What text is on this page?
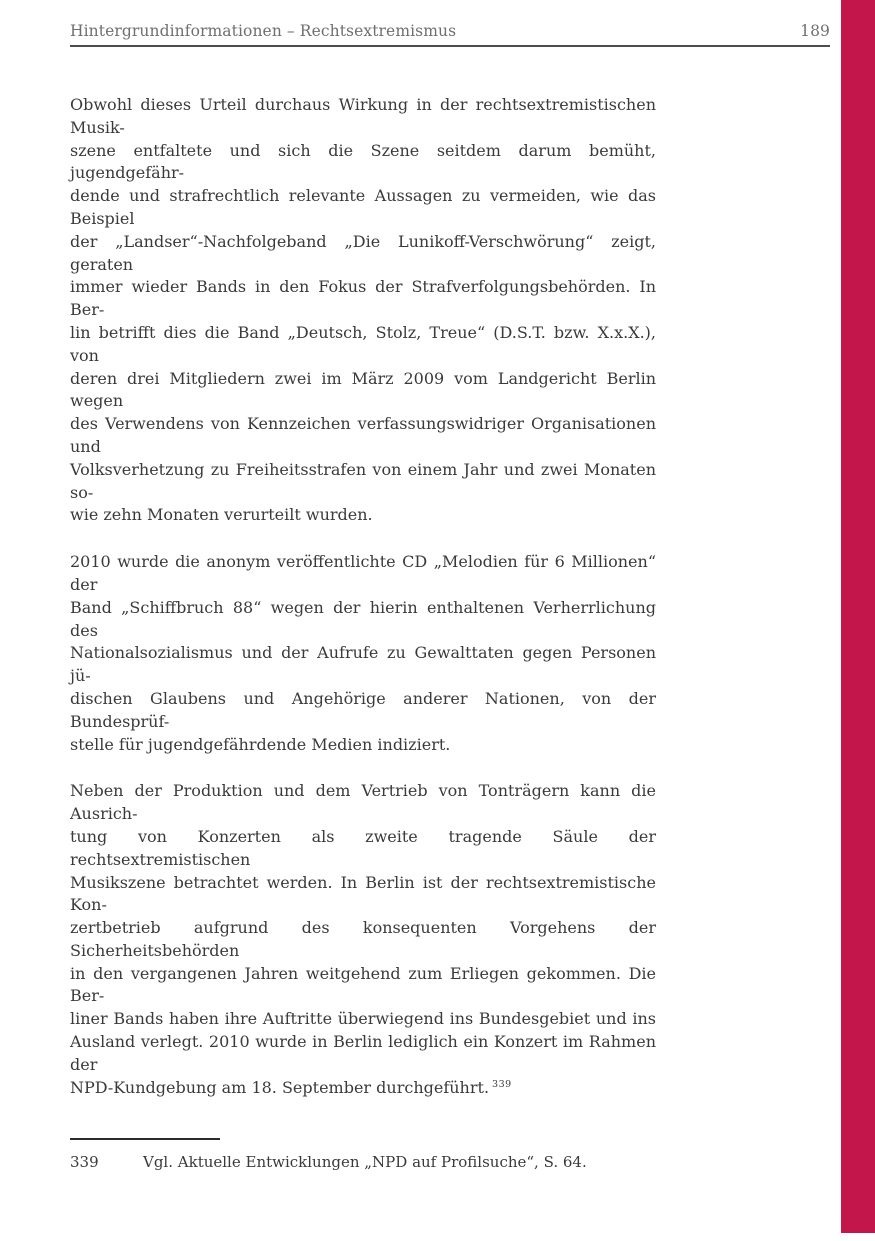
Hintergrundinformationen – Rechtsextremismus	189

Obwohl dieses Urteil durchaus Wirkung in der rechtsextremistischen Musik-
szene entfaltete und sich die Szene seitdem darum bemüht, jugendgefähr-
dende und strafrechtlich relevante Aussagen zu vermeiden, wie das Beispiel
der „Landser“-Nachfolgeband „Die Lunikoff-Verschwörung“ zeigt, geraten
immer wieder Bands in den Fokus der Strafverfolgungsbehörden. In Ber-
lin betrifft dies die Band „Deutsch, Stolz, Treue“ (D.S.T. bzw. X.x.X.), von
deren drei Mitgliedern zwei im März 2009 vom Landgericht Berlin wegen
des Verwendens von Kennzeichen verfassungswidriger Organisationen und
Volksverhetzung zu Freiheitsstrafen von einem Jahr und zwei Monaten so-
wie zehn Monaten verurteilt wurden.

2010 wurde die anonym veröffentlichte CD „Melodien für 6 Millionen“ der
Band „Schiffbruch 88“ wegen der hierin enthaltenen Verherrlichung des
Nationalsozialismus und der Aufrufe zu Gewalttaten gegen Personen jü-
dischen Glaubens und Angehörige anderer Nationen, von der Bundesprüf-
stelle für jugendgefährdende Medien indiziert.

Neben der Produktion und dem Vertrieb von Tonträgern kann die Ausrich-
tung von Konzerten als zweite tragende Säule der rechtsextremistischen
Musikszene betrachtet werden. In Berlin ist der rechtsextremistische Kon-
zertbetrieb aufgrund des konsequenten Vorgehens der Sicherheitsbehörden
in den vergangenen Jahren weitgehend zum Erliegen gekommen. Die Ber-
liner Bands haben ihre Auftritte überwiegend ins Bundesgebiet und ins
Ausland verlegt. 2010 wurde in Berlin lediglich ein Konzert im Rahmen der
NPD-Kundgebung am 18. September durchgeführt. $^{339}$

339	Vgl. Aktuelle Entwicklungen „NPD auf Profilsuche“, S. 64.
